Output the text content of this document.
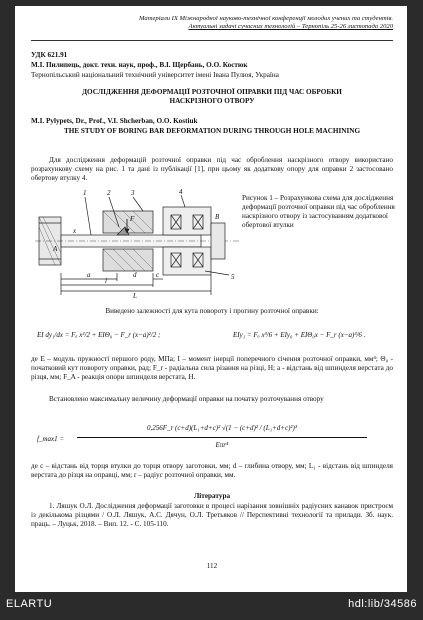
Матеріали ІХ Міжнародної науково-технічної конференції молодих учених та студентів.
Актуальні задачі сучасних технологій – Тернопіль 25-26 листопада 2020
УДК 621.91
М.І. Пилипець, докт. техн. наук, проф., В.І. Щербань, О.О. Костюк
Тернопільський національний технічний університет імені Івана Пулюя, Україна
ДОСЛІДЖЕННЯ ДЕФОРМАЦІЇ РОЗТОЧНОЇ ОПРАВКИ ПІД ЧАС ОБРОБКИ НАСКРІЗНОГО ОТВОРУ
M.I. Pylypets, Dr., Prof., V.I. Shcherban, O.O. Kostiuk
THE STUDY OF BORING BAR DEFORMATION DURING THROUGH HOLE MACHINING
Для дослідження деформацій розточної оправки під час оброблення наскрізного отвору використано розрахункову схему на рис. 1 та дані із публікації [1], при цьому як додаткову опору для оправки 2 застосовано обертову втулку 4.
1	2	3	4
5
a
l
L
c
d
x
F
A
B
Рисунок 1 – Розрахункова схема для дослідження деформації розточної оправки під час оброблення наскрізного отвору із застосуванням додаткової обертової втулки
Виведено залежності для кута повороту і прогину розточної оправки:
EI dy₁/dx = Fₐ x²/2 + EIΘ₀ − F_r (x−a)²/2 ;	EIy₁ = Fₐ x³/6 + EIy₀ + EIΘ₀x − F_r (x−a)³/6 .
де E – модуль пружності першого роду, МПа; I – момент інерції поперечного січення розточної оправки, мм⁴; Θ₀ - початковий кут повороту оправки, рад; F_r - радіальна сила різання на різці, Н; a - відстань від шпинделя верстата до різця, мм; F_A - реакція опори шпинделя верстата, Н.
Встановлено максимальну величину деформації оправки на початку розточування отвору
f_max1 =
0,256F_r (c+d)(L₁+d+c)² √(1 − (c+d)² / (L₁+d+c)²)³
Eπr⁴
де c – відстань від торця втулки до торця отвору заготовки, мм; d – глибина отвору, мм; L₁ - відстань від шпинделя верстата до різця на оправці, мм; r – радіус розточної оправки, мм.
Література
1. Ляшук О.Л. Дослідження деформації заготовки в процесі нарізання зовнішніх радіусних канавок пристроєм із декількома різцями / О.Л. Ляшук, А.С. Дячун, О.Л. Третьяков // Перспективні технології та прилади. Зб. наук. праць. – Луцьк, 2018. – Вип. 12. - С. 105-110.
112
ELARTU	hdl:lib/34586
